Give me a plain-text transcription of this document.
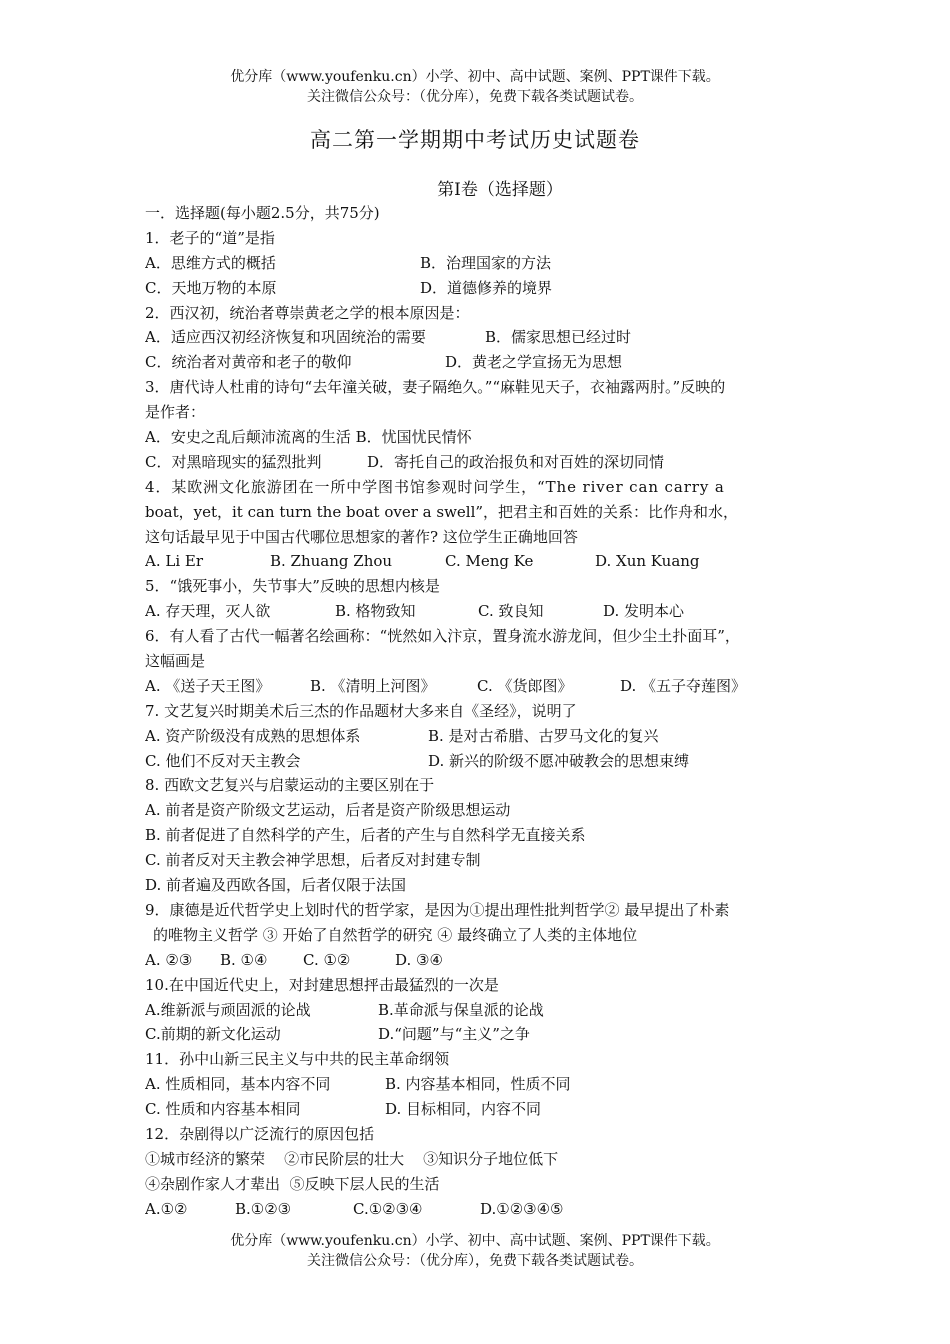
优分库（www.youfenku.cn）小学、初中、高中试题、案例、PPT课件下载。
关注微信公众号：（优分库），免费下载各类试题试卷。
高二第一学期期中考试历史试题卷
第Ⅰ卷（选择题）
一．选择题(每小题2.5分，共75分)
1．老子的“道”是指
A．思维方式的概括	B．治理国家的方法
C．天地万物的本原	D．道德修养的境界
2．西汉初，统治者尊崇黄老之学的根本原因是：
A．适应西汉初经济恢复和巩固统治的需要	B．儒家思想已经过时
C．统治者对黄帝和老子的敬仰	D．黄老之学宣扬无为思想
3．唐代诗人杜甫的诗句“去年潼关破，妻子隔绝久。”“麻鞋见天子，衣袖露两肘。”反映的
是作者：
A．安史之乱后颠沛流离的生活 B．忧国忧民情怀
C．对黑暗现实的猛烈批判	D．寄托自己的政治报负和对百姓的深切同情
4．某欧洲文化旅游团在一所中学图书馆参观时问学生，“The river can carry a
boat，yet，it can turn the boat over a swell”，把君主和百姓的关系：比作舟和水，
这句话最早见于中国古代哪位思想家的著作? 这位学生正确地回答
A. Li Er	B. Zhuang Zhou	C. Meng Ke	D. Xun Kuang
5．“饿死事小，失节事大”反映的思想内核是
A. 存天理，灭人欲	B. 格物致知	C. 致良知	D. 发明本心
6．有人看了古代一幅著名绘画称：“恍然如入汴京，置身流水游龙间，但少尘土扑面耳”，
这幅画是
A. 《送子天王图》	B. 《清明上河图》	C. 《货郎图》	D. 《五子夺莲图》
7. 文艺复兴时期美术后三杰的作品题材大多来自《圣经》，说明了
A. 资产阶级没有成熟的思想体系	B. 是对古希腊、古罗马文化的复兴
C. 他们不反对天主教会	D. 新兴的阶级不愿冲破教会的思想束缚
8. 西欧文艺复兴与启蒙运动的主要区别在于
A. 前者是资产阶级文艺运动，后者是资产阶级思想运动
B. 前者促进了自然科学的产生，后者的产生与自然科学无直接关系
C. 前者反对天主教会神学思想，后者反对封建专制
D. 前者遍及西欧各国，后者仅限于法国
9．康德是近代哲学史上划时代的哲学家，是因为①提出理性批判哲学② 最早提出了朴素
的唯物主义哲学 ③ 开始了自然哲学的研究 ④ 最终确立了人类的主体地位
A. ②③	B. ①④	C. ①②	D. ③④
10.在中国近代史上，对封建思想抨击最猛烈的一次是
A.维新派与顽固派的论战	B.革命派与保皇派的论战
C.前期的新文化运动	D.“问题”与“主义”之争
11．孙中山新三民主义与中共的民主革命纲领
A. 性质相同，基本内容不同	B. 内容基本相同，性质不同
C. 性质和内容基本相同	D. 目标相同，内容不同
12．杂剧得以广泛流行的原因包括
①城市经济的繁荣    ②市民阶层的壮大    ③知识分子地位低下
④杂剧作家人才辈出  ⑤反映下层人民的生活
A.①②	B.①②③	C.①②③④	D.①②③④⑤
优分库（www.youfenku.cn）小学、初中、高中试题、案例、PPT课件下载。
关注微信公众号：（优分库），免费下载各类试题试卷。
